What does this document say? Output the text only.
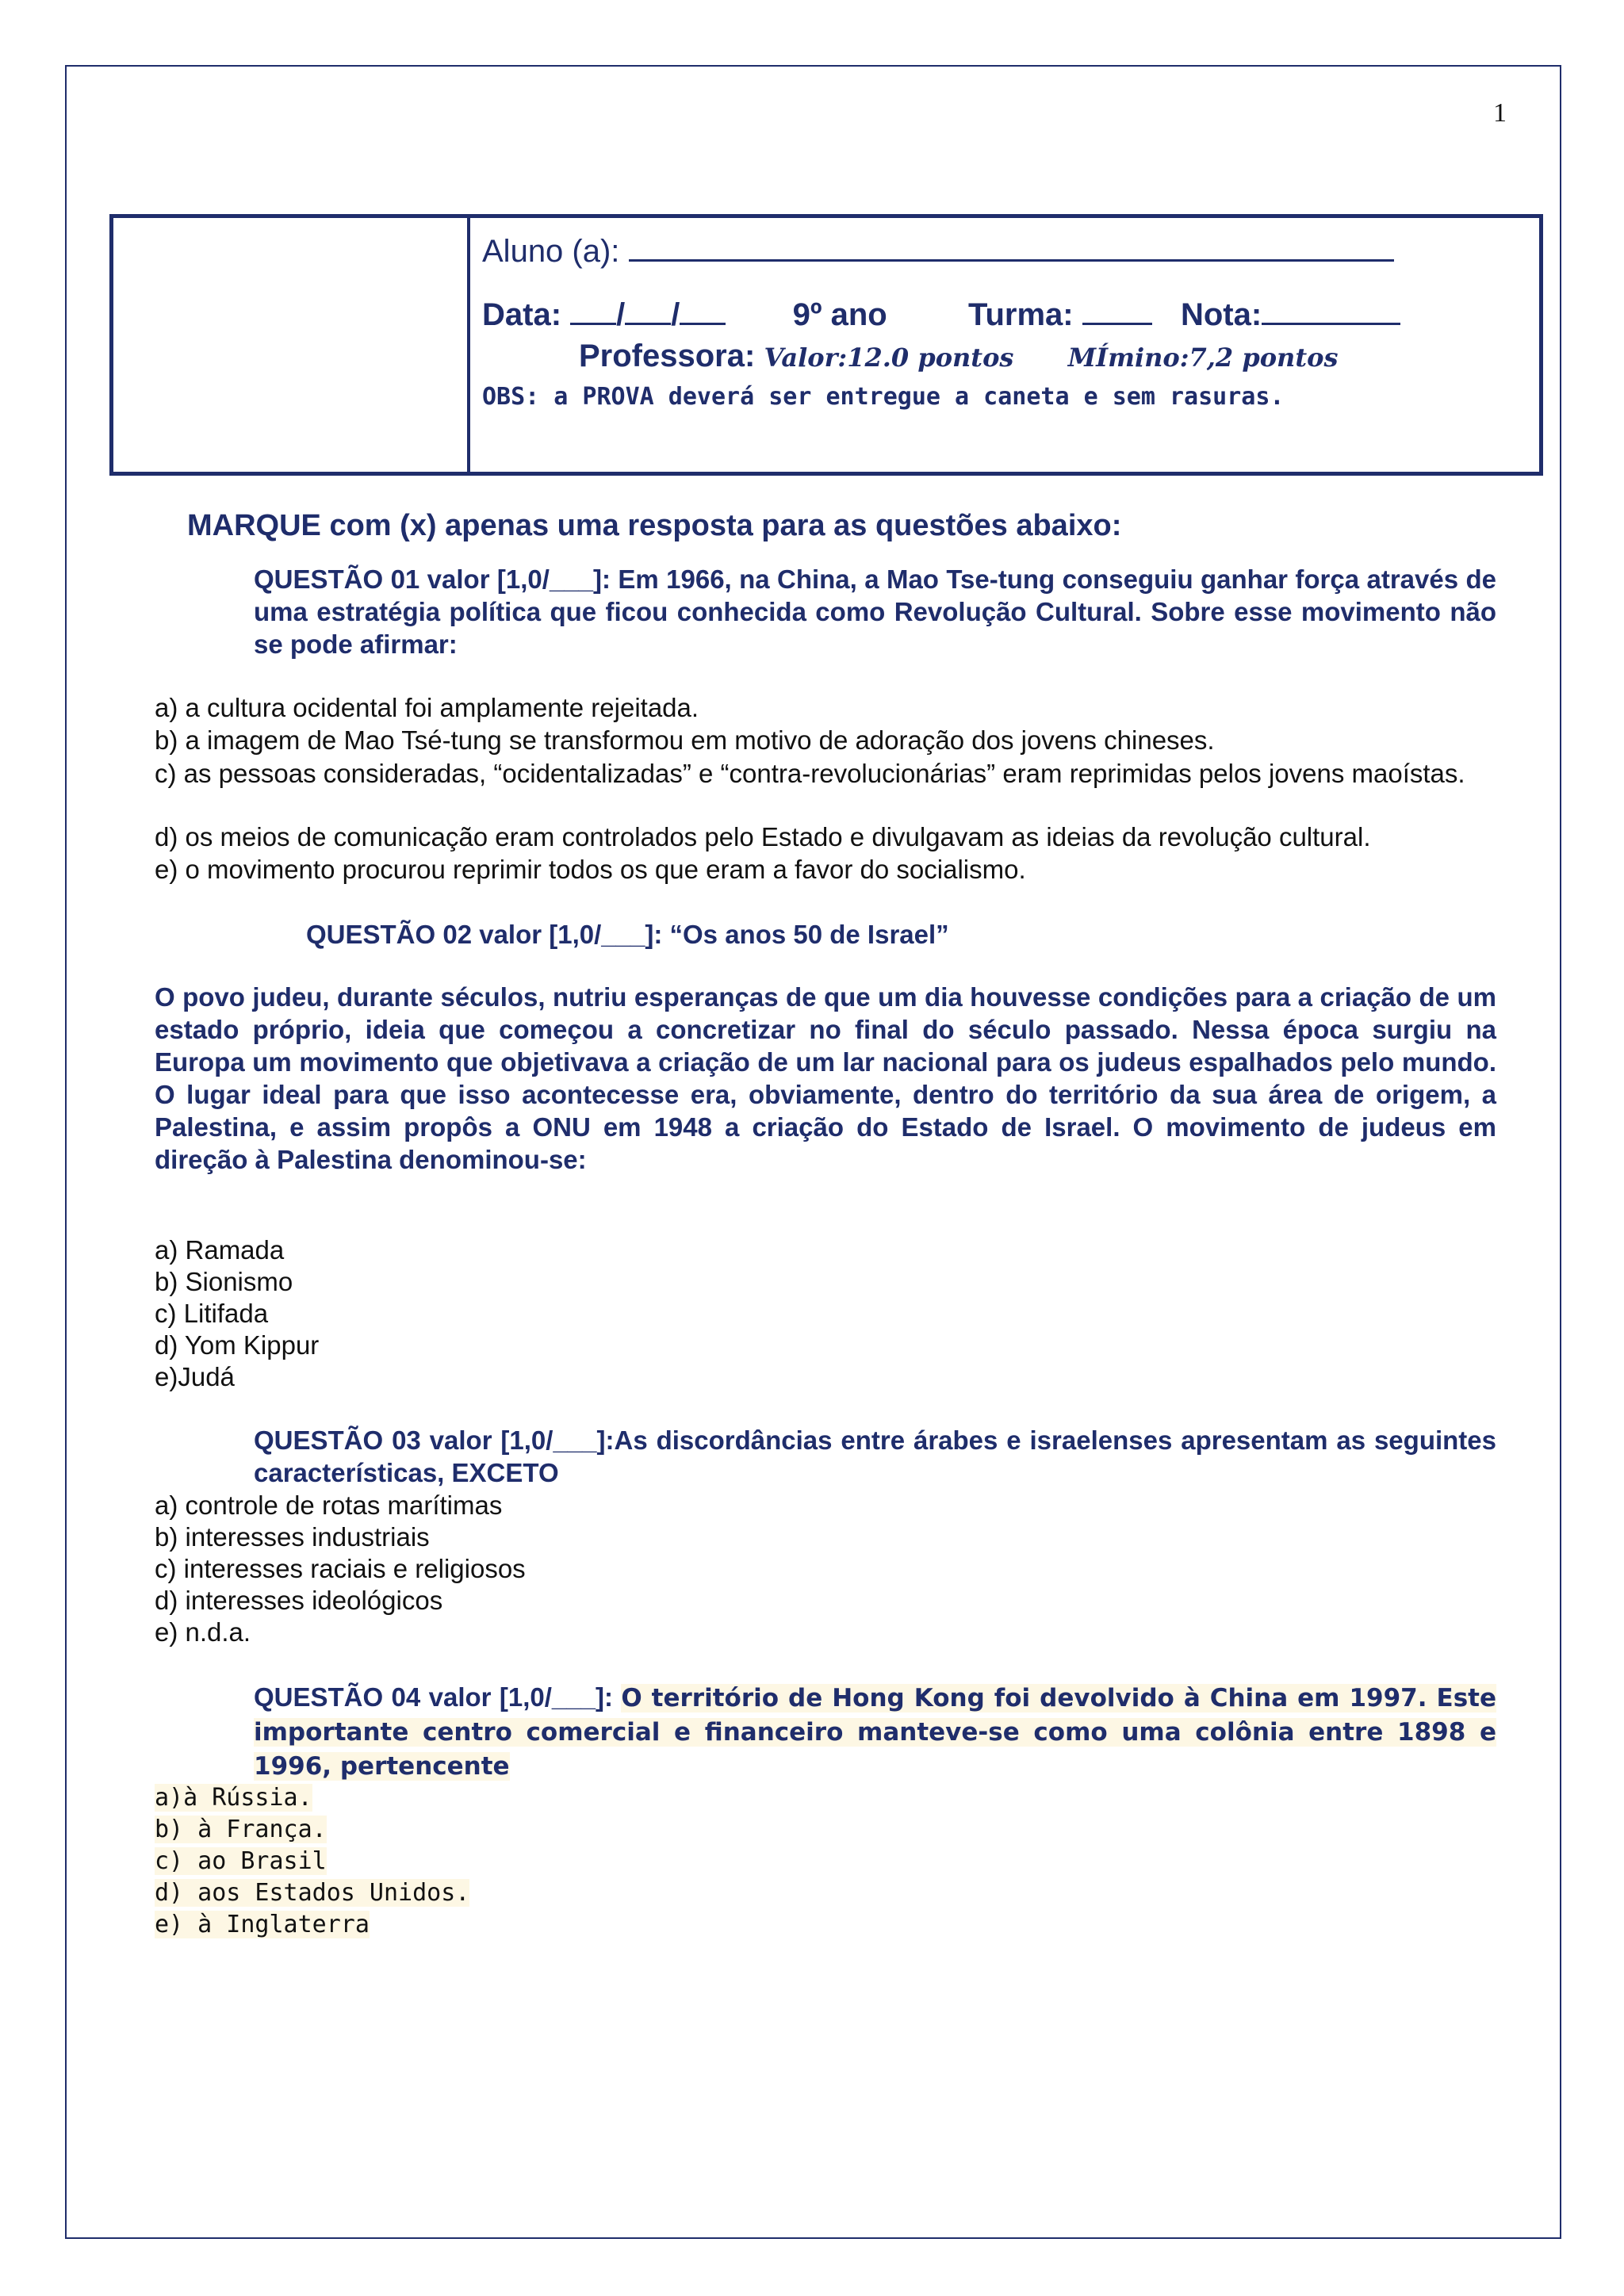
1
Aluno (a):
Data: / /	9º ano	Turma:	Nota:
Professora: Valor:12.0 pontos MÍmino:7,2 pontos
OBS: a PROVA deverá ser entregue a caneta e sem rasuras.
MARQUE com (x) apenas uma resposta para as questões abaixo:
QUESTÃO 01 valor [1,0/___]: Em 1966, na China, a Mao Tse-tung conseguiu ganhar força através de uma estratégia política que ficou conhecida como Revolução Cultural. Sobre esse movimento não se pode afirmar:
a) a cultura ocidental foi amplamente rejeitada.
b) a imagem de Mao Tsé-tung se transformou em motivo de adoração dos jovens chineses.
c) as pessoas consideradas, “ocidentalizadas” e “contra-revolucionárias” eram reprimidas pelos jovens maoístas.
d) os meios de comunicação eram controlados pelo Estado e divulgavam as ideias da revolução cultural.
e) o movimento procurou reprimir todos os que eram a favor do socialismo.
QUESTÃO 02 valor [1,0/___]: “Os anos 50 de Israel”
O povo judeu, durante séculos, nutriu esperanças de que um dia houvesse condições para a criação de um estado próprio, ideia que começou a concretizar no final do século passado. Nessa época surgiu na Europa um movimento que objetivava a criação de um lar nacional para os judeus espalhados pelo mundo. O lugar ideal para que isso acontecesse era, obviamente, dentro do território da sua área de origem, a Palestina, e assim propôs a ONU em 1948 a criação do Estado de Israel. O movimento de judeus em direção à Palestina denominou-se:
a) Ramada
b) Sionismo
c) Litifada
d) Yom Kippur
e)Judá
QUESTÃO 03 valor [1,0/___]:As discordâncias entre árabes e israelenses apresentam as seguintes características, EXCETO
a) controle de rotas marítimas
b) interesses industriais
c) interesses raciais e religiosos
d) interesses ideológicos
e) n.d.a.
QUESTÃO 04 valor [1,0/___]: O território de Hong Kong foi devolvido à China em 1997. Este importante centro comercial e financeiro manteve-se como uma colônia entre 1898 e 1996, pertencente
a)à Rússia.
b) à França.
c) ao Brasil
d) aos Estados Unidos.
e) à Inglaterra
